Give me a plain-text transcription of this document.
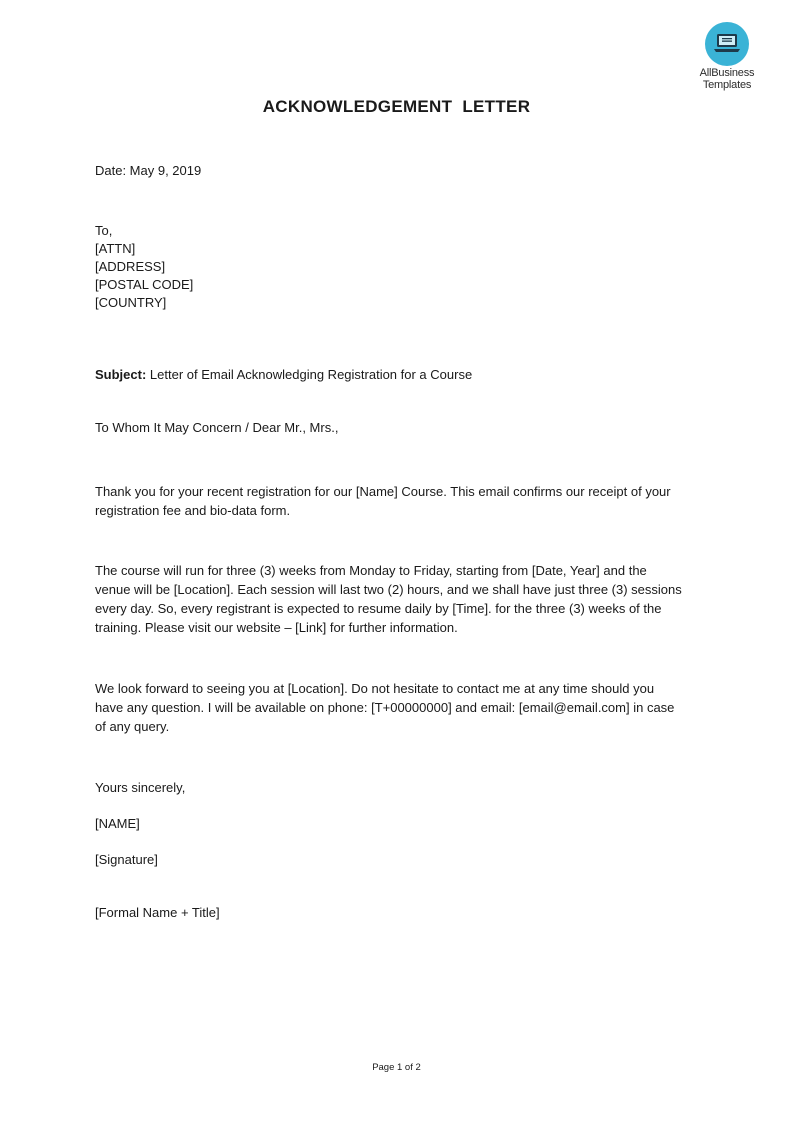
AllBusiness
Templates
ACKNOWLEDGEMENT  LETTER
Date: May 9, 2019
To,
[ATTN]
[ADDRESS]
[POSTAL CODE]
[COUNTRY]
Subject: Letter of Email Acknowledging Registration for a Course
To Whom It May Concern / Dear Mr., Mrs.,
Thank you for your recent registration for our [Name] Course. This email confirms our receipt of your
registration fee and bio-data form.
The course will run for three (3) weeks from Monday to Friday, starting from [Date, Year] and the
venue will be [Location]. Each session will last two (2) hours, and we shall have just three (3) sessions
every day. So, every registrant is expected to resume daily by [Time]. for the three (3) weeks of the
training. Please visit our website – [Link] for further information.
We look forward to seeing you at [Location]. Do not hesitate to contact me at any time should you
have any question. I will be available on phone: [T+00000000] and email: [email@email.com] in case
of any query.
Yours sincerely,
[NAME]
[Signature]
[Formal Name + Title]
Page 1 of 2
